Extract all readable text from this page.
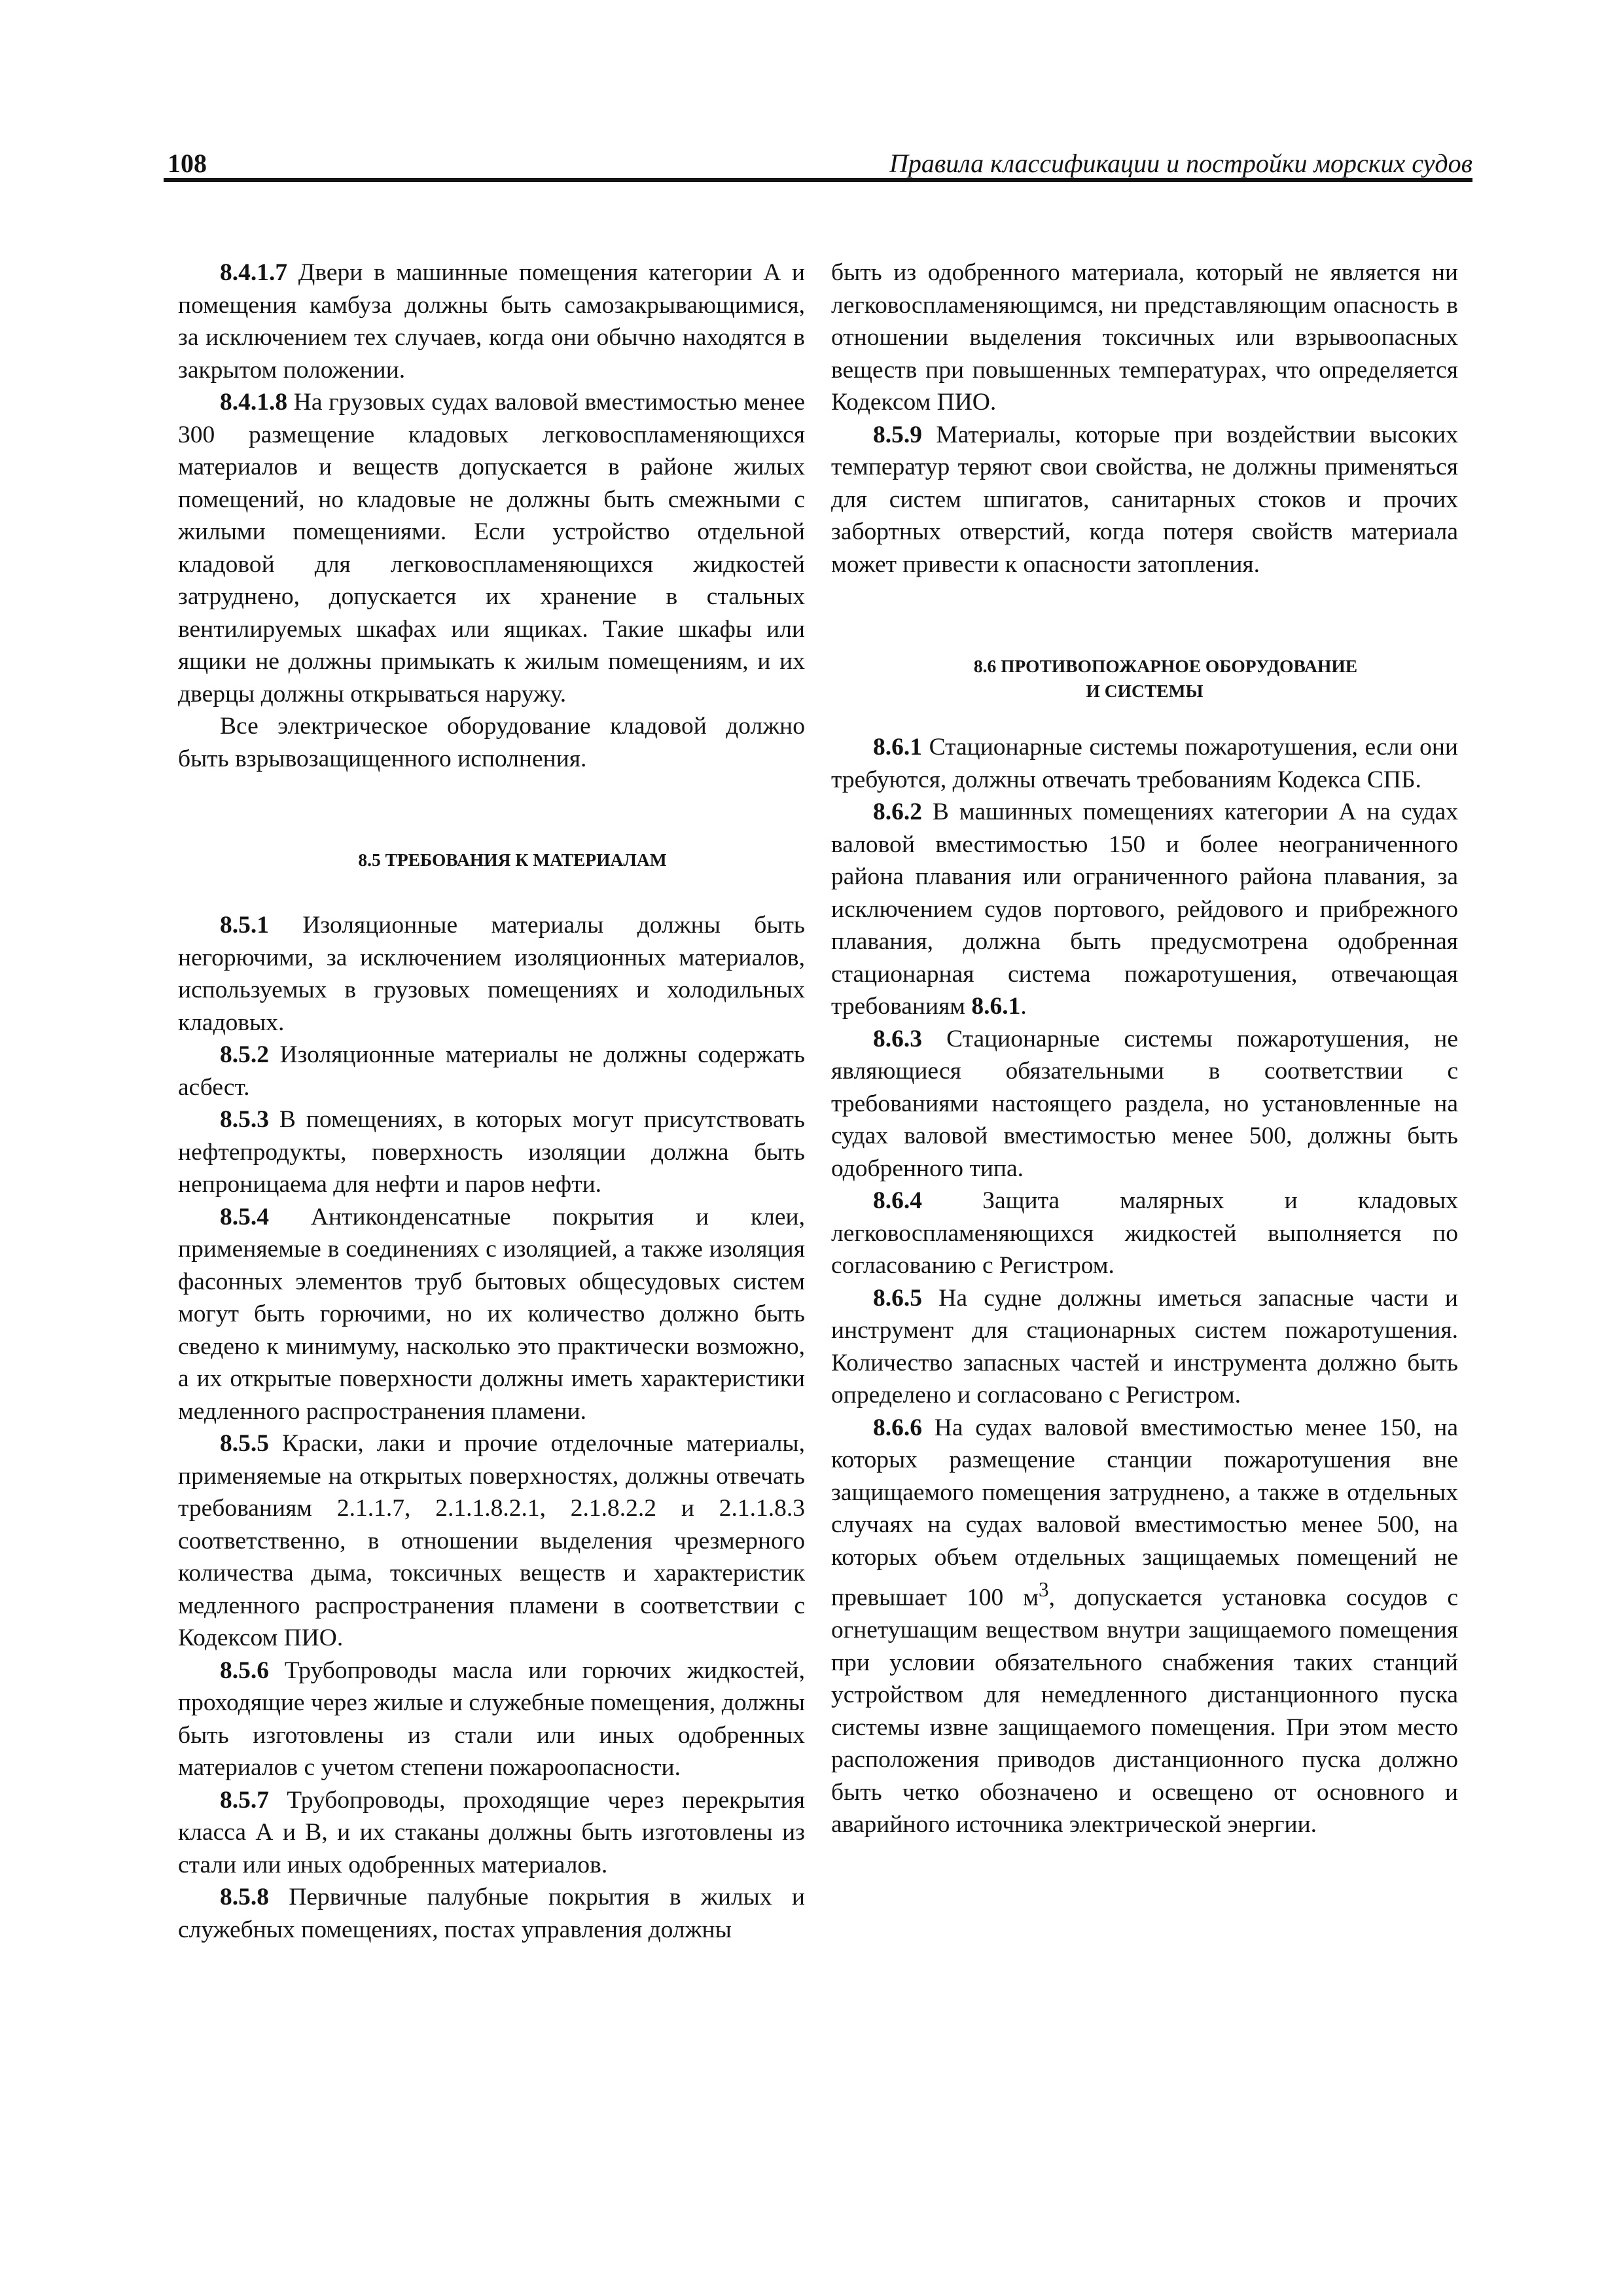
108	Правила классификации и постройки морских судов

8.4.1.7 Двери в машинные помещения категории А и помещения камбуза должны быть самозакрывающимися, за исключением тех случаев, когда они обычно находятся в закрытом положении.

8.4.1.8 На грузовых судах валовой вместимостью менее 300 размещение кладовых легковоспламеняющихся материалов и веществ допускается в районе жилых помещений, но кладовые не должны быть смежными с жилыми помещениями. Если устройство отдельной кладовой для легковоспламеняющихся жидкостей затруднено, допускается их хранение в стальных вентилируемых шкафах или ящиках. Такие шкафы или ящики не должны примыкать к жилым помещениям, и их дверцы должны открываться наружу.

Все электрическое оборудование кладовой должно быть взрывозащищенного исполнения.

8.5 ТРЕБОВАНИЯ К МАТЕРИАЛАМ

8.5.1 Изоляционные материалы должны быть негорючими, за исключением изоляционных материалов, используемых в грузовых помещениях и холодильных кладовых.

8.5.2 Изоляционные материалы не должны содержать асбест.

8.5.3 В помещениях, в которых могут присутствовать нефтепродукты, поверхность изоляции должна быть непроницаема для нефти и паров нефти.

8.5.4 Антиконденсатные покрытия и клеи, применяемые в соединениях с изоляцией, а также изоляция фасонных элементов труб бытовых общесудовых систем могут быть горючими, но их количество должно быть сведено к минимуму, насколько это практически возможно, а их открытые поверхности должны иметь характеристики медленного распространения пламени.

8.5.5 Краски, лаки и прочие отделочные материалы, применяемые на открытых поверхностях, должны отвечать требованиям 2.1.1.7, 2.1.1.8.2.1, 2.1.8.2.2 и 2.1.1.8.3 соответственно, в отношении выделения чрезмерного количества дыма, токсичных веществ и характеристик медленного распространения пламени в соответствии с Кодексом ПИО.

8.5.6 Трубопроводы масла или горючих жидкостей, проходящие через жилые и служебные помещения, должны быть изготовлены из стали или иных одобренных материалов с учетом степени пожароопасности.

8.5.7 Трубопроводы, проходящие через перекрытия класса А и В, и их стаканы должны быть изготовлены из стали или иных одобренных материалов.

8.5.8 Первичные палубные покрытия в жилых и служебных помещениях, постах управления должны

быть из одобренного материала, который не является ни легковоспламеняющимся, ни представляющим опасность в отношении выделения токсичных или взрывоопасных веществ при повышенных температурах, что определяется Кодексом ПИО.

8.5.9 Материалы, которые при воздействии высоких температур теряют свои свойства, не должны применяться для систем шпигатов, санитарных стоков и прочих забортных отверстий, когда потеря свойств материала может привести к опасности затопления.

8.6 ПРОТИВОПОЖАРНОЕ ОБОРУДОВАНИЕ
И СИСТЕМЫ

8.6.1 Стационарные системы пожаротушения, если они требуются, должны отвечать требованиям Кодекса СПБ.

8.6.2 В машинных помещениях категории А на судах валовой вместимостью 150 и более неограниченного района плавания или ограниченного района плавания, за исключением судов портового, рейдового и прибрежного плавания, должна быть предусмотрена одобренная стационарная система пожаротушения, отвечающая требованиям 8.6.1.

8.6.3 Стационарные системы пожаротушения, не являющиеся обязательными в соответствии с требованиями настоящего раздела, но установленные на судах валовой вместимостью менее 500, должны быть одобренного типа.

8.6.4 Защита малярных и кладовых легковоспламеняющихся жидкостей выполняется по согласованию с Регистром.

8.6.5 На судне должны иметься запасные части и инструмент для стационарных систем пожаротушения. Количество запасных частей и инструмента должно быть определено и согласовано с Регистром.

8.6.6 На судах валовой вместимостью менее 150, на которых размещение станции пожаротушения вне защищаемого помещения затруднено, а также в отдельных случаях на судах валовой вместимостью менее 500, на которых объем отдельных защищаемых помещений не превышает 100 $м^3$, допускается установка сосудов с огнетушащим веществом внутри защищаемого помещения при условии обязательного снабжения таких станций устройством для немедленного дистанционного пуска системы извне защищаемого помещения. При этом место расположения приводов дистанционного пуска должно быть четко обозначено и освещено от основного и аварийного источника электрической энергии.
